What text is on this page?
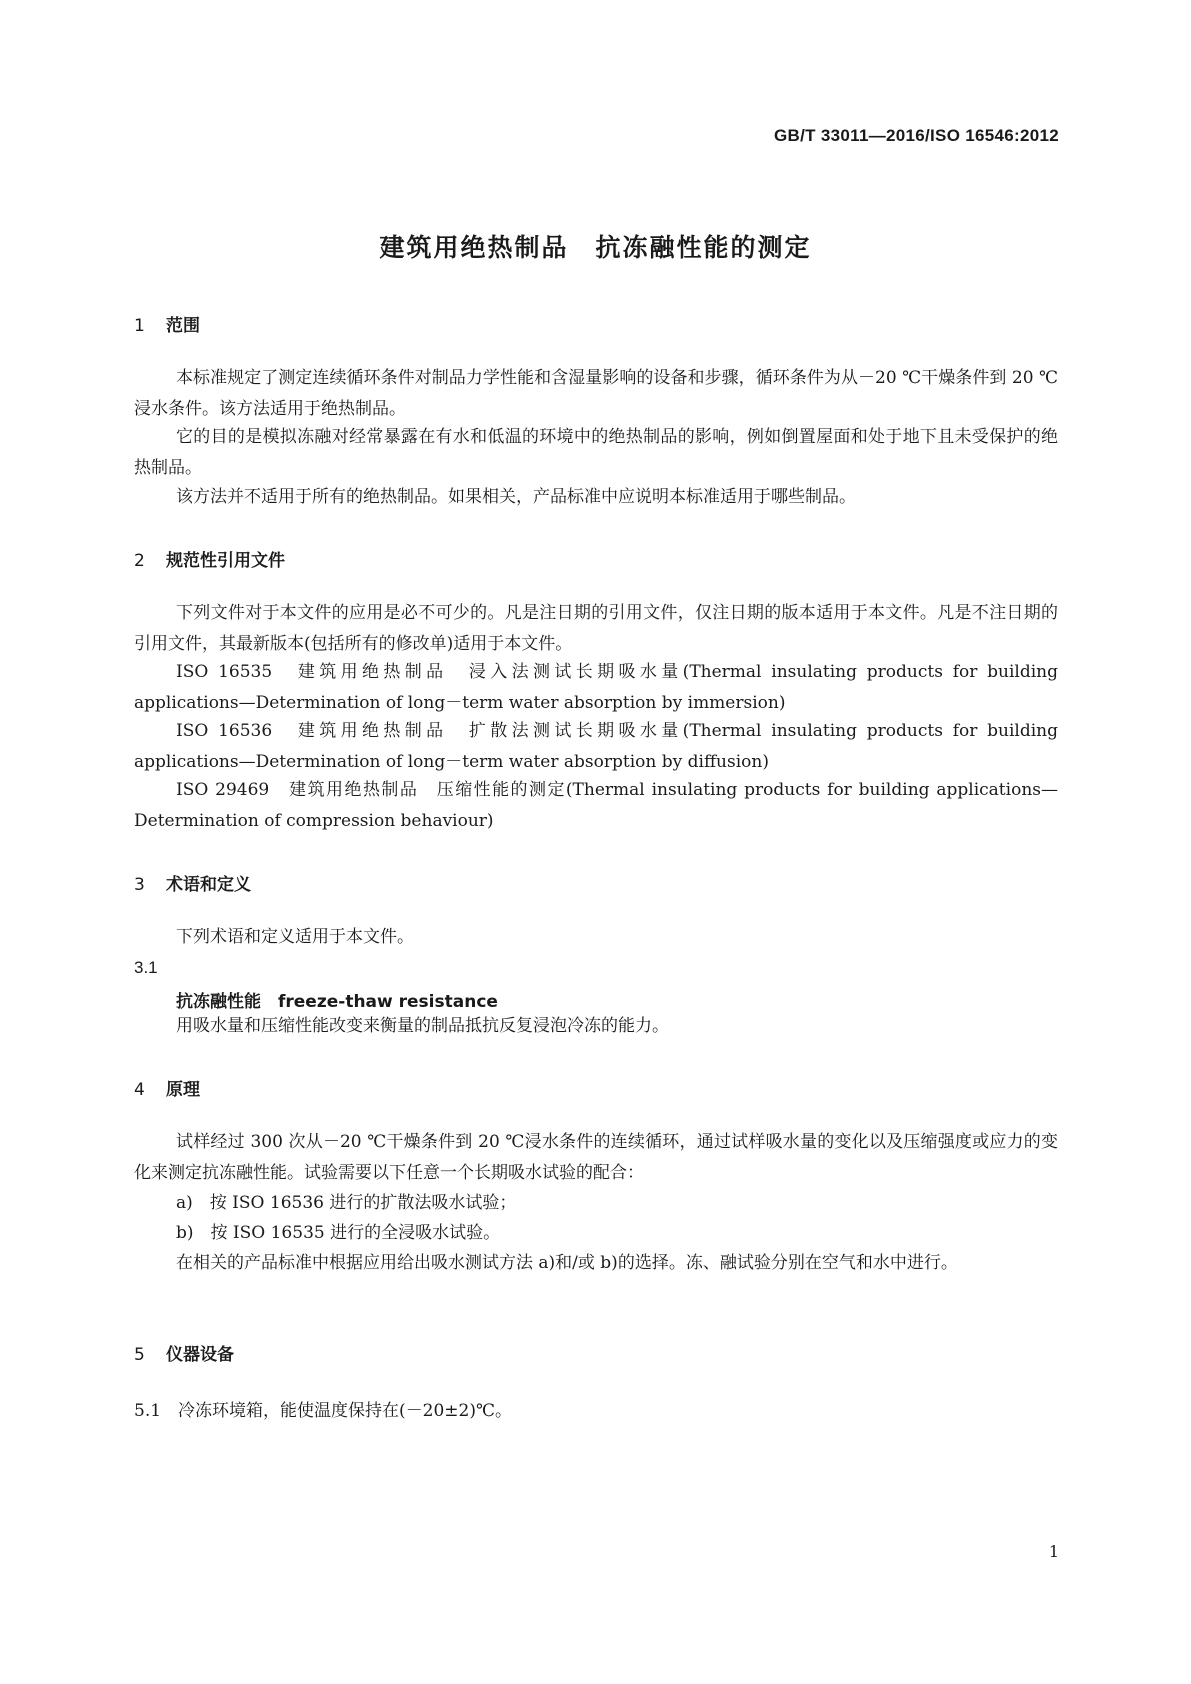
GB/T 33011—2016/ISO 16546:2012
建筑用绝热制品　抗冻融性能的测定
1 范围

本标准规定了测定连续循环条件对制品力学性能和含湿量影响的设备和步骤，循环条件为从－20 ℃干燥条件到 20 ℃浸水条件。该方法适用于绝热制品。

它的目的是模拟冻融对经常暴露在有水和低温的环境中的绝热制品的影响，例如倒置屋面和处于地下且未受保护的绝热制品。

该方法并不适用于所有的绝热制品。如果相关，产品标准中应说明本标准适用于哪些制品。

2 规范性引用文件

下列文件对于本文件的应用是必不可少的。凡是注日期的引用文件，仅注日期的版本适用于本文件。凡是不注日期的引用文件，其最新版本(包括所有的修改单)适用于本文件。

ISO 16535　建筑用绝热制品　浸入法测试长期吸水量(Thermal insulating products for building applications—Determination of long－term water absorption by immersion)

ISO 16536　建筑用绝热制品　扩散法测试长期吸水量(Thermal insulating products for building applications—Determination of long－term water absorption by diffusion)

ISO 29469　建筑用绝热制品　压缩性能的测定(Thermal insulating products for building applications—Determination of compression behaviour)

3 术语和定义

下列术语和定义适用于本文件。

3.1
抗冻融性能　freeze-thaw resistance

用吸水量和压缩性能改变来衡量的制品抵抗反复浸泡冷冻的能力。

4 原理

试样经过 300 次从－20 ℃干燥条件到 20 ℃浸水条件的连续循环，通过试样吸水量的变化以及压缩强度或应力的变化来测定抗冻融性能。试验需要以下任意一个长期吸水试验的配合：

a)　按 ISO 16536 进行的扩散法吸水试验；

b)　按 ISO 16535 进行的全浸吸水试验。

在相关的产品标准中根据应用给出吸水测试方法 a)和/或 b)的选择。冻、融试验分别在空气和水中进行。

5 仪器设备

5.1　冷冻环境箱，能使温度保持在(－20±2)℃。

1
